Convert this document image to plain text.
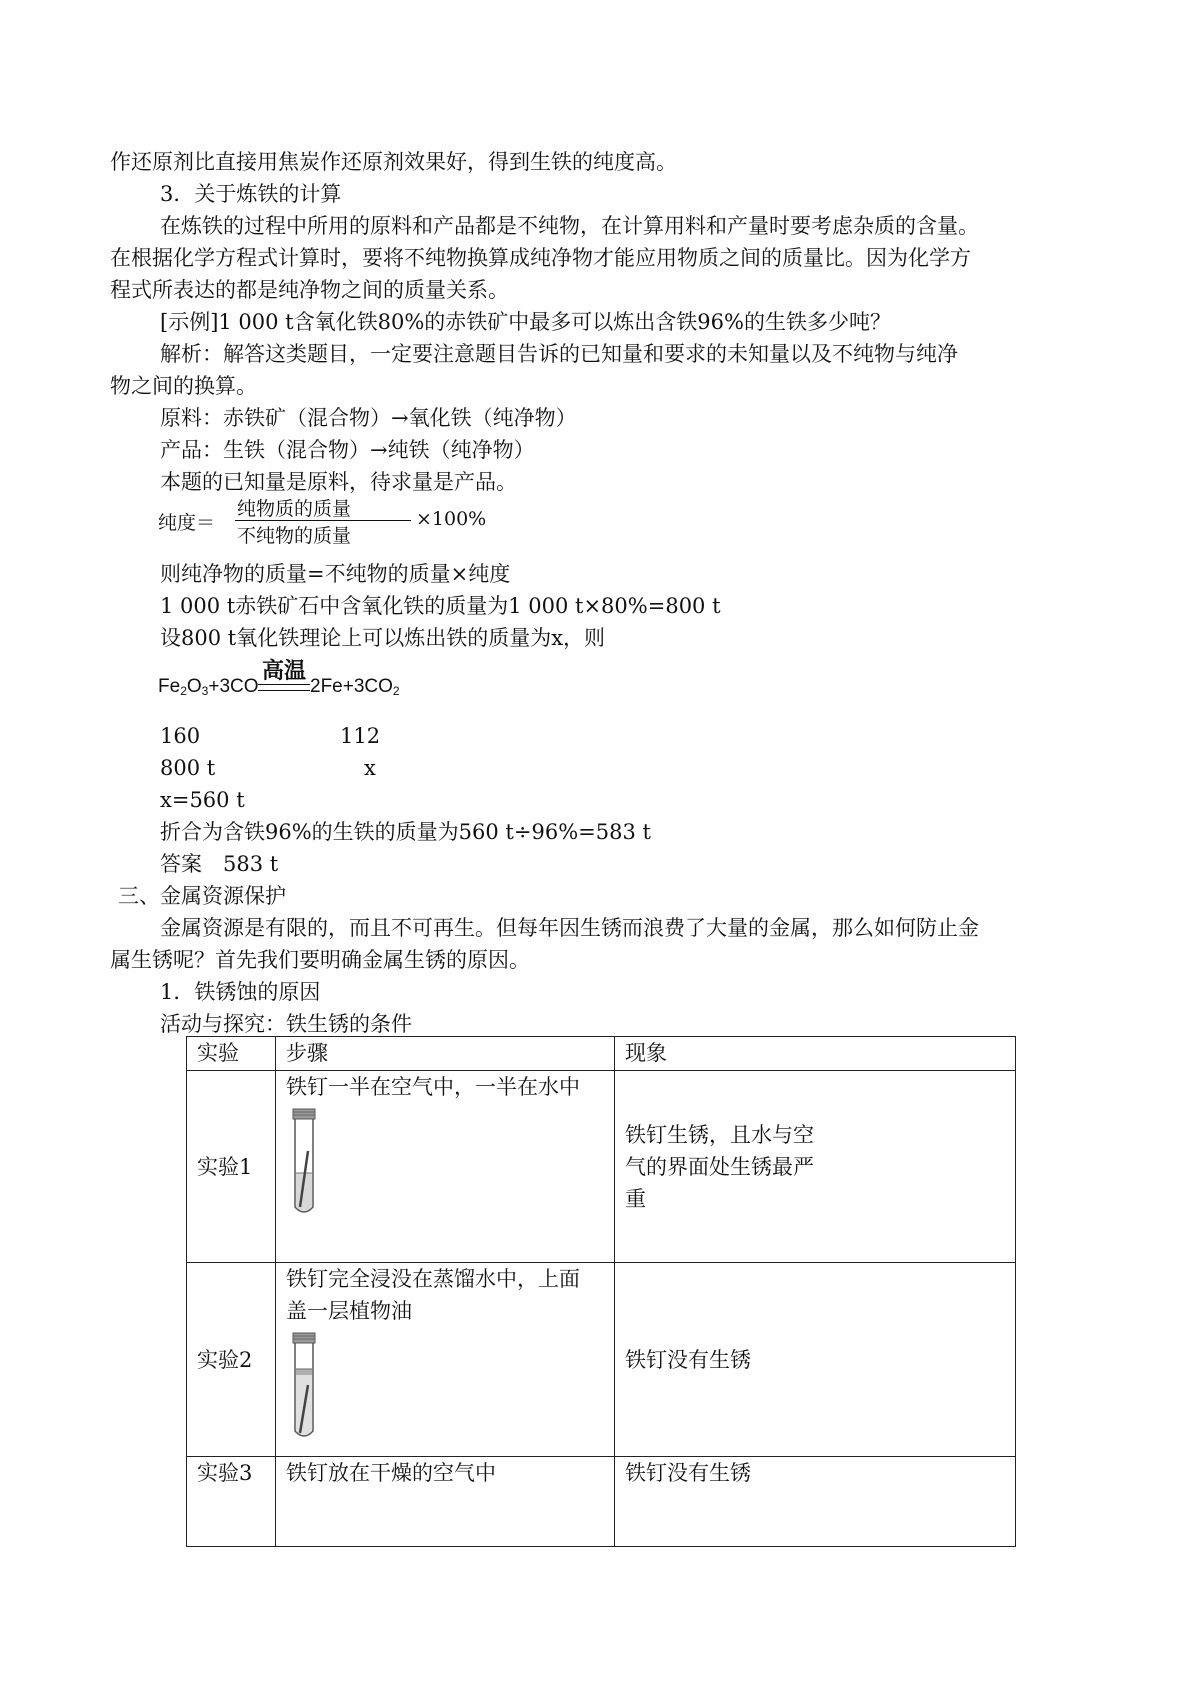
作还原剂比直接用焦炭作还原剂效果好，得到生铁的纯度高。
3．关于炼铁的计算
在炼铁的过程中所用的原料和产品都是不纯物，在计算用料和产量时要考虑杂质的含量。
在根据化学方程式计算时，要将不纯物换算成纯净物才能应用物质之间的质量比。因为化学方
程式所表达的都是纯净物之间的质量关系。
[示例]1 000 t含氧化铁80%的赤铁矿中最多可以炼出含铁96%的生铁多少吨？
解析：解答这类题目，一定要注意题目告诉的已知量和要求的未知量以及不纯物与纯净
物之间的换算。
原料：赤铁矿（混合物）→氧化铁（纯净物）
产品：生铁（混合物）→纯铁（纯净物）
本题的已知量是原料，待求量是产品。
纯度＝
纯物质的质量
不纯物的质量
×100%
则纯净物的质量=不纯物的质量×纯度
1 000 t赤铁矿石中含氧化铁的质量为1 000 t×80%=800 t
设800 t氧化铁理论上可以炼出铁的质量为x，则
$Fe_2O_3+3CO$
高温
$2Fe+3CO_2$
160	112
800 t	x
x=560 t
折合为含铁96%的生铁的质量为560 t÷96%=583 t
答案　583 t
三、金属资源保护
金属资源是有限的，而且不可再生。但每年因生锈而浪费了大量的金属，那么如何防止金
属生锈呢？首先我们要明确金属生锈的原因。
1．铁锈蚀的原因
活动与探究：铁生锈的条件
实验	步骤	现象
实验1	铁钉一半在空气中，一半在水中	铁钉生锈，且水与空气的界面处生锈最严重

实验2	铁钉完全浸没在蒸馏水中，上面盖一层植物油	铁钉没有生锈
实验3	铁钉放在干燥的空气中	铁钉没有生锈
